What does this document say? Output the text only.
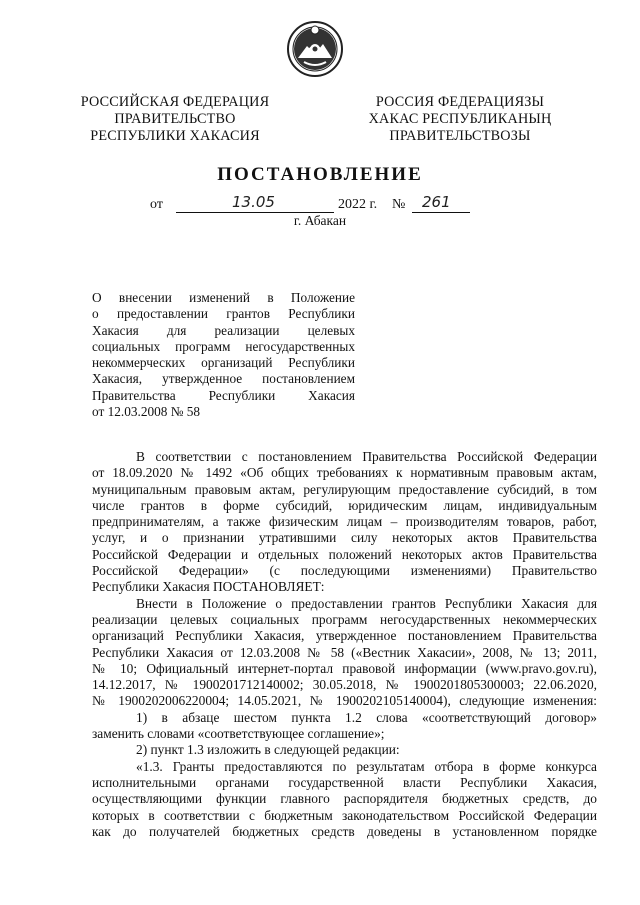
РОССИЙСКАЯ ФЕДЕРАЦИЯ
ПРАВИТЕЛЬСТВО
РЕСПУБЛИКИ ХАКАСИЯ
РОССИЯ ФЕДЕРАЦИЯЗЫ
ХАКАС РЕСПУБЛИКАНЫҢ
ПРАВИТЕЛЬСТВОЗЫ
ПОСТАНОВЛЕНИЕ
от	13.05	2022 г. № 261
г. Абакан
О внесении изменений в Положение
о предоставлении грантов Республики
Хакасия для реализации целевых
социальных программ негосударственных
некоммерческих организаций Республики
Хакасия, утвержденное постановлением
Правительства Республики Хакасия
от 12.03.2008 № 58
В соответствии с постановлением Правительства Российской Федерации
от 18.09.2020 № 1492 «Об общих требованиях к нормативным правовым актам,
муниципальным правовым актам, регулирующим предоставление субсидий, в том
числе грантов в форме субсидий, юридическим лицам, индивидуальным
предпринимателям, а также физическим лицам – производителям товаров, работ,
услуг, и о признании утратившими силу некоторых актов Правительства
Российской Федерации и отдельных положений некоторых актов Правительства
Российской Федерации» (с последующими изменениями) Правительство
Республики Хакасия ПОСТАНОВЛЯЕТ:
Внести в Положение о предоставлении грантов Республики Хакасия для
реализации целевых социальных программ негосударственных некоммерческих
организаций Республики Хакасия, утвержденное постановлением Правительства
Республики Хакасия от 12.03.2008 № 58 («Вестник Хакасии», 2008, № 13; 2011,
№ 10; Официальный интернет-портал правовой информации (www.pravo.gov.ru),
14.12.2017, № 1900201712140002; 30.05.2018, № 1900201805300003; 22.06.2020,
№ 1900202006220004; 14.05.2021, № 1900202105140004), следующие изменения:
1) в абзаце шестом пункта 1.2 слова «соответствующий договор»
заменить словами «соответствующее соглашение»;
2) пункт 1.3 изложить в следующей редакции:
«1.3. Гранты предоставляются по результатам отбора в форме конкурса
исполнительными органами государственной власти Республики Хакасия,
осуществляющими функции главного распорядителя бюджетных средств, до
которых в соответствии с бюджетным законодательством Российской Федерации
как до получателей бюджетных средств доведены в установленном порядке
